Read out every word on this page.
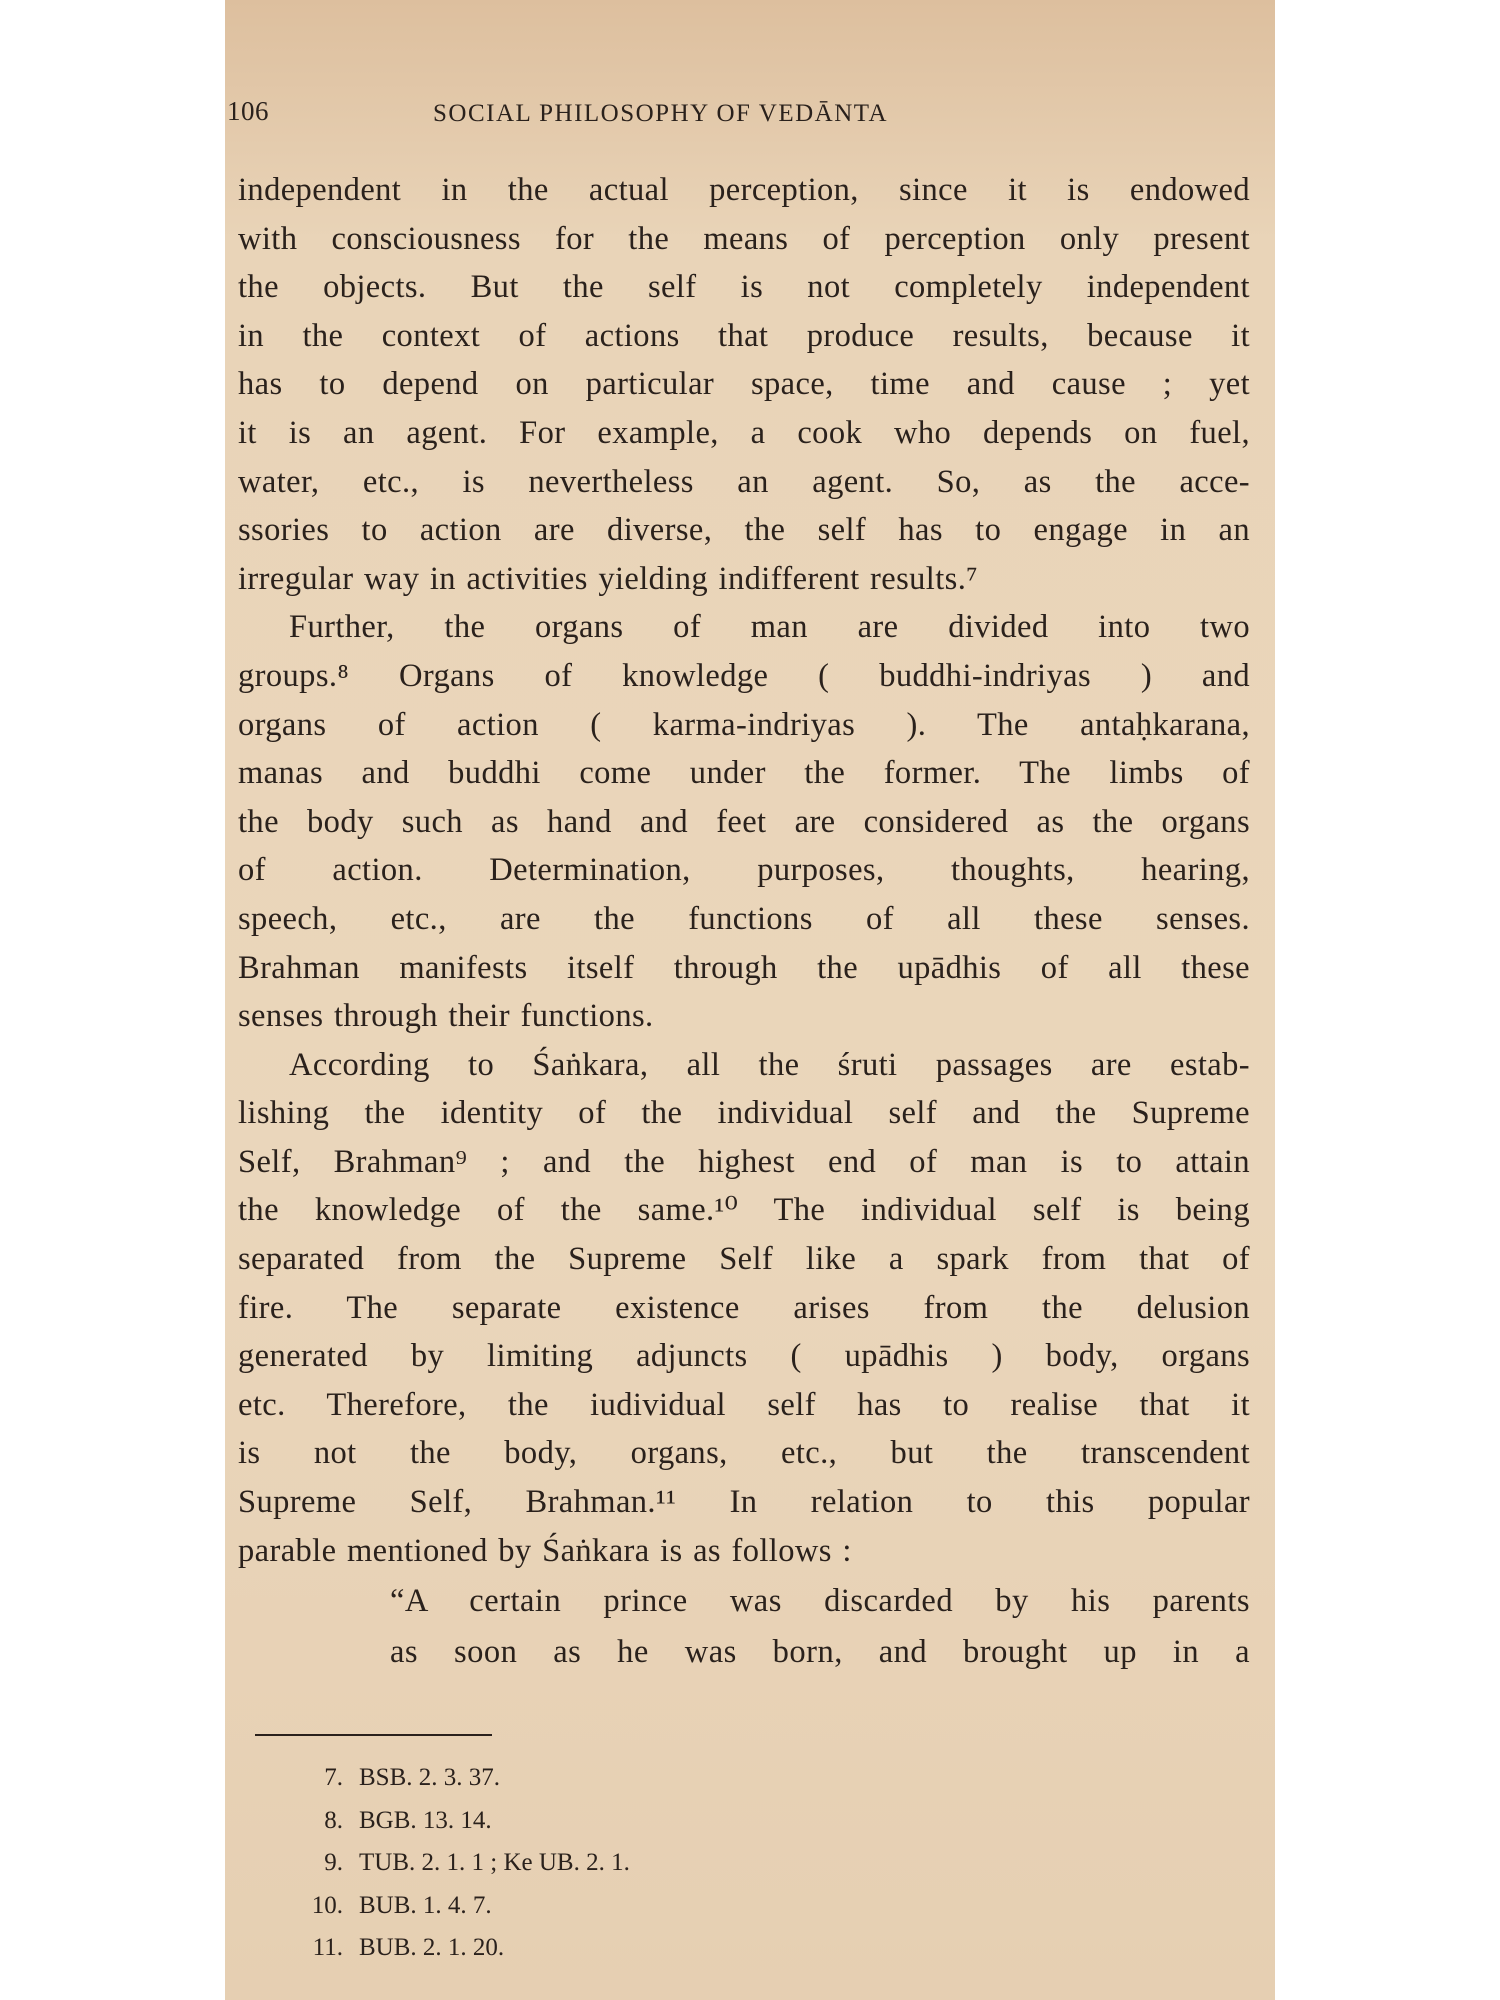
106	SOCIAL PHILOSOPHY OF VEDĀNTA
independent in the actual perception, since it is endowed
with consciousness for the means of perception only present
the objects. But the self is not completely independent
in the context of actions that produce results, because it
has to depend on particular space, time and cause ; yet
it is an agent. For example, a cook who depends on fuel,
water, etc., is nevertheless an agent. So, as the acce-
ssories to action are diverse, the self has to engage in an
irregular way in activities yielding indifferent results.⁷
Further, the organs of man are divided into two
groups.⁸ Organs of knowledge ( buddhi-indriyas ) and
organs of action ( karma-indriyas ). The antaḥkarana,
manas and buddhi come under the former. The limbs of
the body such as hand and feet are considered as the organs
of action. Determination, purposes, thoughts, hearing,
speech, etc., are the functions of all these senses.
Brahman manifests itself through the upādhis of all these
senses through their functions.
According to Śaṅkara, all the śruti passages are estab-
lishing the identity of the individual self and the Supreme
Self, Brahman⁹ ; and the highest end of man is to attain
the knowledge of the same.¹⁰ The individual self is being
separated from the Supreme Self like a spark from that of
fire. The separate existence arises from the delusion
generated by limiting adjuncts ( upādhis ) body, organs
etc. Therefore, the iudividual self has to realise that it
is not the body, organs, etc., but the transcendent
Supreme Self, Brahman.¹¹ In relation to this popular
parable mentioned by Śaṅkara is as follows :
“A certain prince was discarded by his parents
as soon as he was born, and brought up in a
7. BSB. 2. 3. 37.
8. BGB. 13. 14.
9. TUB. 2. 1. 1 ; Ke UB. 2. 1.
10. BUB. 1. 4. 7.
11. BUB. 2. 1. 20.
